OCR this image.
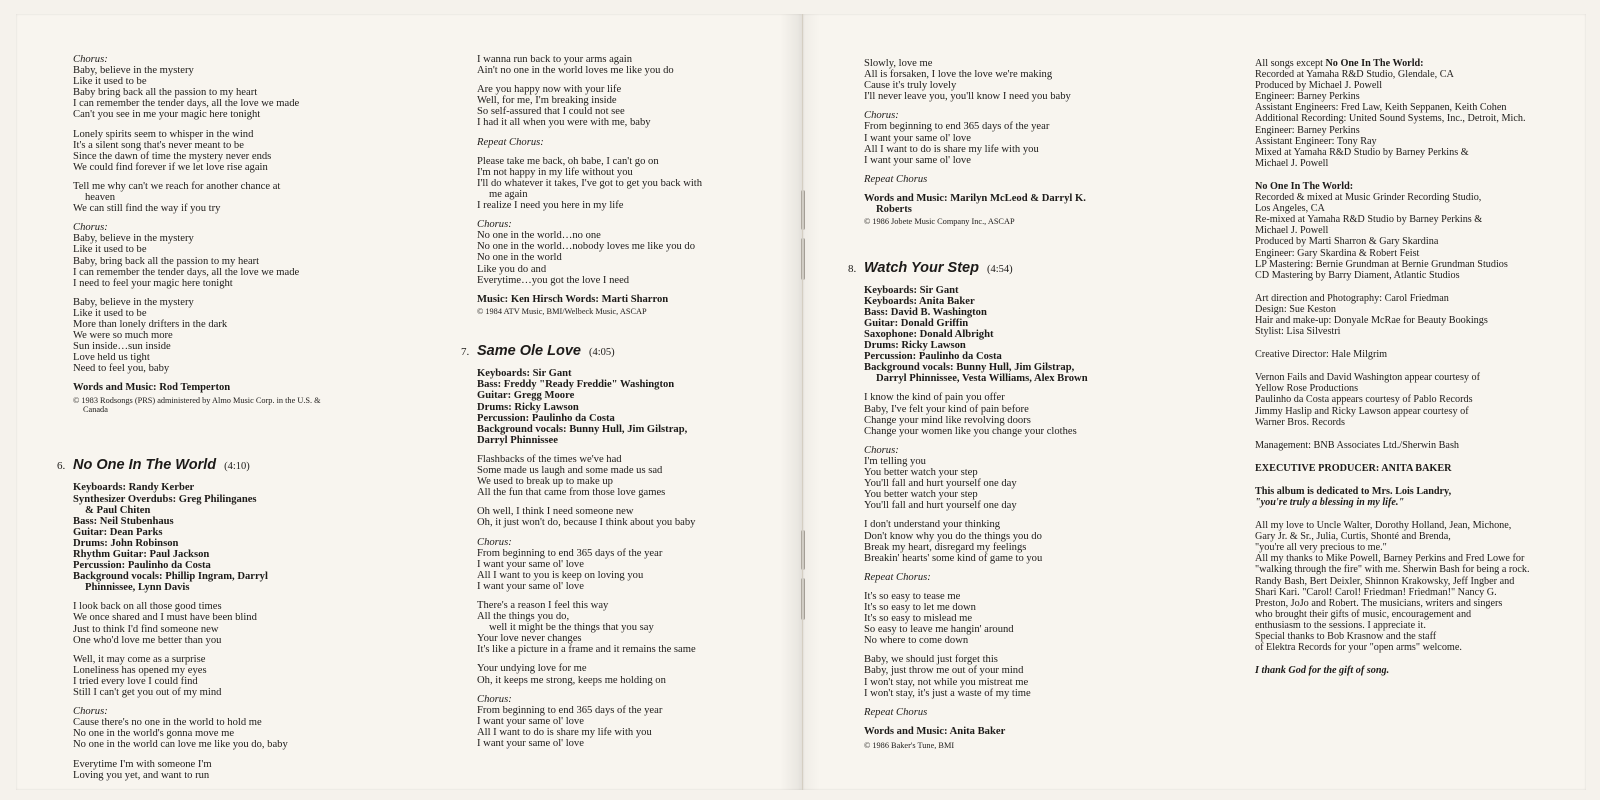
Chorus:
Baby, believe in the mystery
Like it used to be
Baby bring back all the passion to my heart
I can remember the tender days, all the love we made
Can't you see in me your magic here tonight
Lonely spirits seem to whisper in the wind
It's a silent song that's never meant to be
Since the dawn of time the mystery never ends
We could find forever if we let love rise again
Tell me why can't we reach for another chance at
heaven
We can still find the way if you try
Chorus:
Baby, believe in the mystery
Like it used to be
Baby, bring back all the passion to my heart
I can remember the tender days, all the love we made
I need to feel your magic here tonight
Baby, believe in the mystery
Like it used to be
More than lonely drifters in the dark
We were so much more
Sun inside…sun inside
Love held us tight
Need to feel you, baby
Words and Music: Rod Temperton
© 1983 Rodsongs (PRS) administered by Almo Music Corp. in the U.S. &
Canada
6. No One In The World (4:10)
Keyboards: Randy Kerber
Synthesizer Overdubs: Greg Philinganes
& Paul Chiten
Bass: Neil Stubenhaus
Guitar: Dean Parks
Drums: John Robinson
Rhythm Guitar: Paul Jackson
Percussion: Paulinho da Costa
Background vocals: Phillip Ingram, Darryl
Phinnissee, Lynn Davis
I look back on all those good times
We once shared and I must have been blind
Just to think I'd find someone new
One who'd love me better than you
Well, it may come as a surprise
Loneliness has opened my eyes
I tried every love I could find
Still I can't get you out of my mind
Chorus:
Cause there's no one in the world to hold me
No one in the world's gonna move me
No one in the world can love me like you do, baby
Everytime I'm with someone I'm
Loving you yet, and want to run
I wanna run back to your arms again
Ain't no one in the world loves me like you do
Are you happy now with your life
Well, for me, I'm breaking inside
So self-assured that I could not see
I had it all when you were with me, baby
Repeat Chorus:
Please take me back, oh babe, I can't go on
I'm not happy in my life without you
I'll do whatever it takes, I've got to get you back with
me again
I realize I need you here in my life
Chorus:
No one in the world…no one
No one in the world…nobody loves me like you do
No one in the world
Like you do and
Everytime…you got the love I need
Music: Ken Hirsch Words: Marti Sharron
© 1984 ATV Music, BMI/Welbeck Music, ASCAP
7. Same Ole Love (4:05)
Keyboards: Sir Gant
Bass: Freddy "Ready Freddie" Washington
Guitar: Gregg Moore
Drums: Ricky Lawson
Percussion: Paulinho da Costa
Background vocals: Bunny Hull, Jim Gilstrap,
Darryl Phinnissee
Flashbacks of the times we've had
Some made us laugh and some made us sad
We used to break up to make up
All the fun that came from those love games
Oh well, I think I need someone new
Oh, it just won't do, because I think about you baby
Chorus:
From beginning to end 365 days of the year
I want your same ol' love
All I want to you is keep on loving you
I want your same ol' love
There's a reason I feel this way
All the things you do,
well it might be the things that you say
Your love never changes
It's like a picture in a frame and it remains the same
Your undying love for me
Oh, it keeps me strong, keeps me holding on
Chorus:
From beginning to end 365 days of the year
I want your same ol' love
All I want to do is share my life with you
I want your same ol' love
Slowly, love me
All is forsaken, I love the love we're making
Cause it's truly lovely
I'll never leave you, you'll know I need you baby
Chorus:
From beginning to end 365 days of the year
I want your same ol' love
All I want to do is share my life with you
I want your same ol' love
Repeat Chorus
Words and Music: Marilyn McLeod & Darryl K.
Roberts
© 1986 Jobete Music Company Inc., ASCAP
8. Watch Your Step (4:54)
Keyboards: Sir Gant
Keyboards: Anita Baker
Bass: David B. Washington
Guitar: Donald Griffin
Saxophone: Donald Albright
Drums: Ricky Lawson
Percussion: Paulinho da Costa
Background vocals: Bunny Hull, Jim Gilstrap,
Darryl Phinnissee, Vesta Williams, Alex Brown
I know the kind of pain you offer
Baby, I've felt your kind of pain before
Change your mind like revolving doors
Change your women like you change your clothes
Chorus:
I'm telling you
You better watch your step
You'll fall and hurt yourself one day
You better watch your step
You'll fall and hurt yourself one day
I don't understand your thinking
Don't know why you do the things you do
Break my heart, disregard my feelings
Breakin' hearts' some kind of game to you
Repeat Chorus:
It's so easy to tease me
It's so easy to let me down
It's so easy to mislead me
So easy to leave me hangin' around
No where to come down
Baby, we should just forget this
Baby, just throw me out of your mind
I won't stay, not while you mistreat me
I won't stay, it's just a waste of my time
Repeat Chorus
Words and Music: Anita Baker
© 1986 Baker's Tune, BMI
All songs except No One In The World:
Recorded at Yamaha R&D Studio, Glendale, CA
Produced by Michael J. Powell
Engineer: Barney Perkins
Assistant Engineers: Fred Law, Keith Seppanen, Keith Cohen
Additional Recording: United Sound Systems, Inc., Detroit, Mich.
Engineer: Barney Perkins
Assistant Engineer: Tony Ray
Mixed at Yamaha R&D Studio by Barney Perkins &
Michael J. Powell
No One In The World:
Recorded & mixed at Music Grinder Recording Studio,
Los Angeles, CA
Re-mixed at Yamaha R&D Studio by Barney Perkins &
Michael J. Powell
Produced by Marti Sharron & Gary Skardina
Engineer: Gary Skardina & Robert Feist
LP Mastering: Bernie Grundman at Bernie Grundman Studios
CD Mastering by Barry Diament, Atlantic Studios
Art direction and Photography: Carol Friedman
Design: Sue Keston
Hair and make-up: Donyale McRae for Beauty Bookings
Stylist: Lisa Silvestri
Creative Director: Hale Milgrim
Vernon Fails and David Washington appear courtesy of
Yellow Rose Productions
Paulinho da Costa appears courtesy of Pablo Records
Jimmy Haslip and Ricky Lawson appear courtesy of
Warner Bros. Records
Management: BNB Associates Ltd./Sherwin Bash
EXECUTIVE PRODUCER: ANITA BAKER
This album is dedicated to Mrs. Lois Landry,
"you're truly a blessing in my life."
All my love to Uncle Walter, Dorothy Holland, Jean, Michone,
Gary Jr. & Sr., Julia, Curtis, Shonté and Brenda,
"you're all very precious to me."
All my thanks to Mike Powell, Barney Perkins and Fred Lowe for
"walking through the fire" with me. Sherwin Bash for being a rock.
Randy Bash, Bert Deixler, Shinnon Krakowsky, Jeff Ingber and
Shari Kari. "Carol! Carol! Friedman! Friedman!" Nancy G.
Preston, JoJo and Robert. The musicians, writers and singers
who brought their gifts of music, encouragement and
enthusiasm to the sessions. I appreciate it.
Special thanks to Bob Krasnow and the staff
of Elektra Records for your "open arms" welcome.
I thank God for the gift of song.
